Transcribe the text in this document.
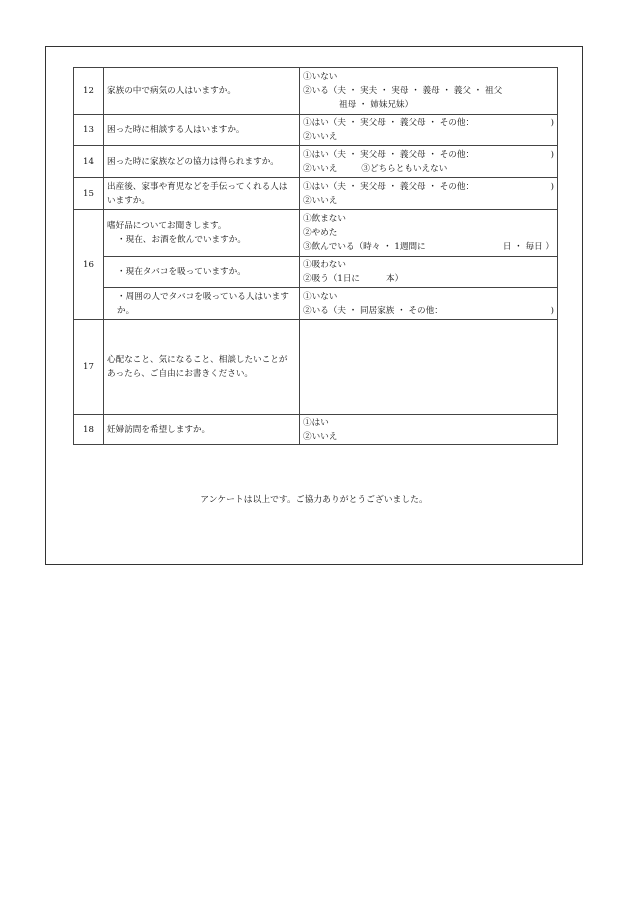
12	家族の中で病気の人はいますか。	①いない
②いる（夫 ・ 実夫 ・ 実母 ・ 義母 ・ 義父 ・ 祖父
祖母 ・ 姉妹兄妹）

13	困った時に相談する人はいますか。	①はい（夫 ・ 実父母 ・ 義父母 ・ その他： )
②いいえ

14	困った時に家族などの協力は得られますか。	①はい（夫 ・ 実父母 ・ 義父母 ・ その他： )
②いいえ ③どちらともいえない

15	出産後、家事や育児などを手伝ってくれる人はいますか。	①はい（夫 ・ 実父母 ・ 義父母 ・ その他： )
②いいえ

16	嗜好品についてお聞きします。
・現在、お酒を飲んでいますか。	①飲まない
②やめた
③飲んでいる（時々 ・ 1週間に 日 ・ 毎日 ）

	・現在タバコを吸っていますか。	①吸わない
②吸う（1日に 本）

	・周囲の人でタバコを吸っている人はいますか。	①いない
②いる（夫 ・ 同居家族 ・ その他： )

17	心配なこと、気になること、相談したいことがあったら、ご自由にお書きください。	
18	妊婦訪問を希望しますか。	①はい
②いいえ
アンケートは以上です。ご協力ありがとうございました。
